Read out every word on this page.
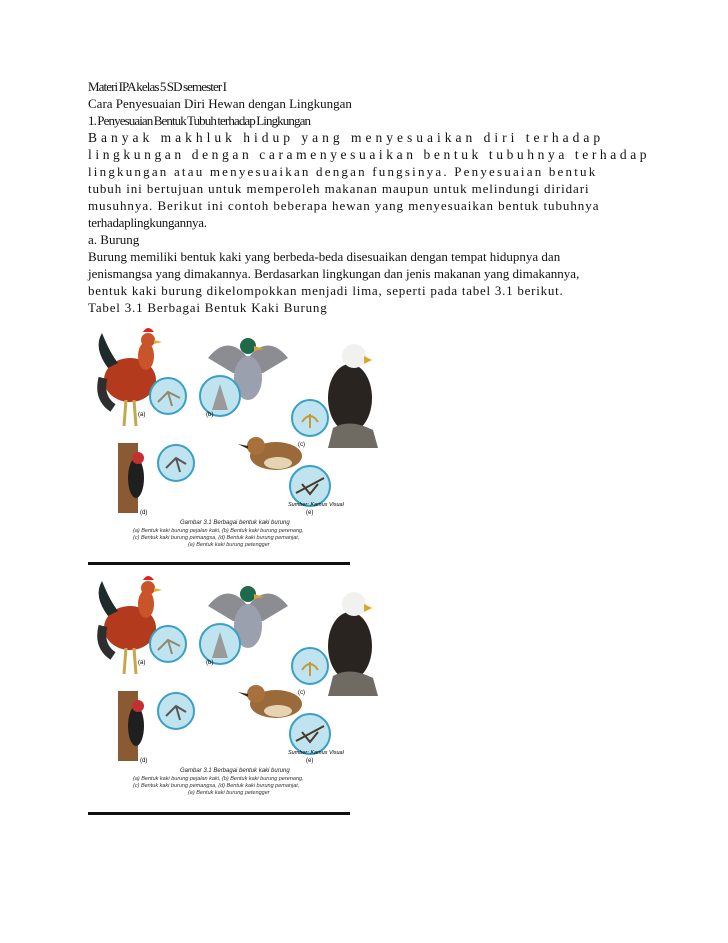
Materi IPA kelas 5 SD semester I
Cara Penyesuaian Diri Hewan dengan Lingkungan
1. Penyesuaian Bentuk Tubuh terhadap Lingkungan
Banyak makhluk hidup yang menyesuaikan diri terhadap
lingkungan dengan caramenyesuaikan bentuk tubuhnya terhadap
lingkungan atau menyesuaikan dengan fungsinya. Penyesuaian bentuk
tubuh ini bertujuan untuk memperoleh makanan maupun untuk melindungi diridari
musuhnya. Berikut ini contoh beberapa hewan yang menyesuaikan bentuk tubuhnya
terhadaplingkungannya.
a. Burung
Burung memiliki bentuk kaki yang berbeda-beda disesuaikan dengan tempat hidupnya dan
jenismangsa yang dimakannya. Berdasarkan lingkungan dan jenis makanan yang dimakannya,
bentuk kaki burung dikelompokkan menjadi lima, seperti pada tabel 3.1 berikut.
Tabel 3.1 Berbagai Bentuk Kaki Burung
(a)	(b)
(c)
(d)	(e)
Sumber: Kamus Visual
Gambar 3.1 Berbagai bentuk kaki burung
(a) Bentuk kaki burung pejalan kaki, (b) Bentuk kaki burung perenang,
(c) Bentuk kaki burung pemangsa, (d) Bentuk kaki burung pemanjat,
(e) Bentuk kaki burung petengger
(a)	(b)
(c)
(d)	(e)
Sumber: Kamus Visual
Gambar 3.1 Berbagai bentuk kaki burung
(a) Bentuk kaki burung pejalan kaki, (b) Bentuk kaki burung perenang,
(c) Bentuk kaki burung pemangsa, (d) Bentuk kaki burung pemanjat,
(e) Bentuk kaki burung petengger
